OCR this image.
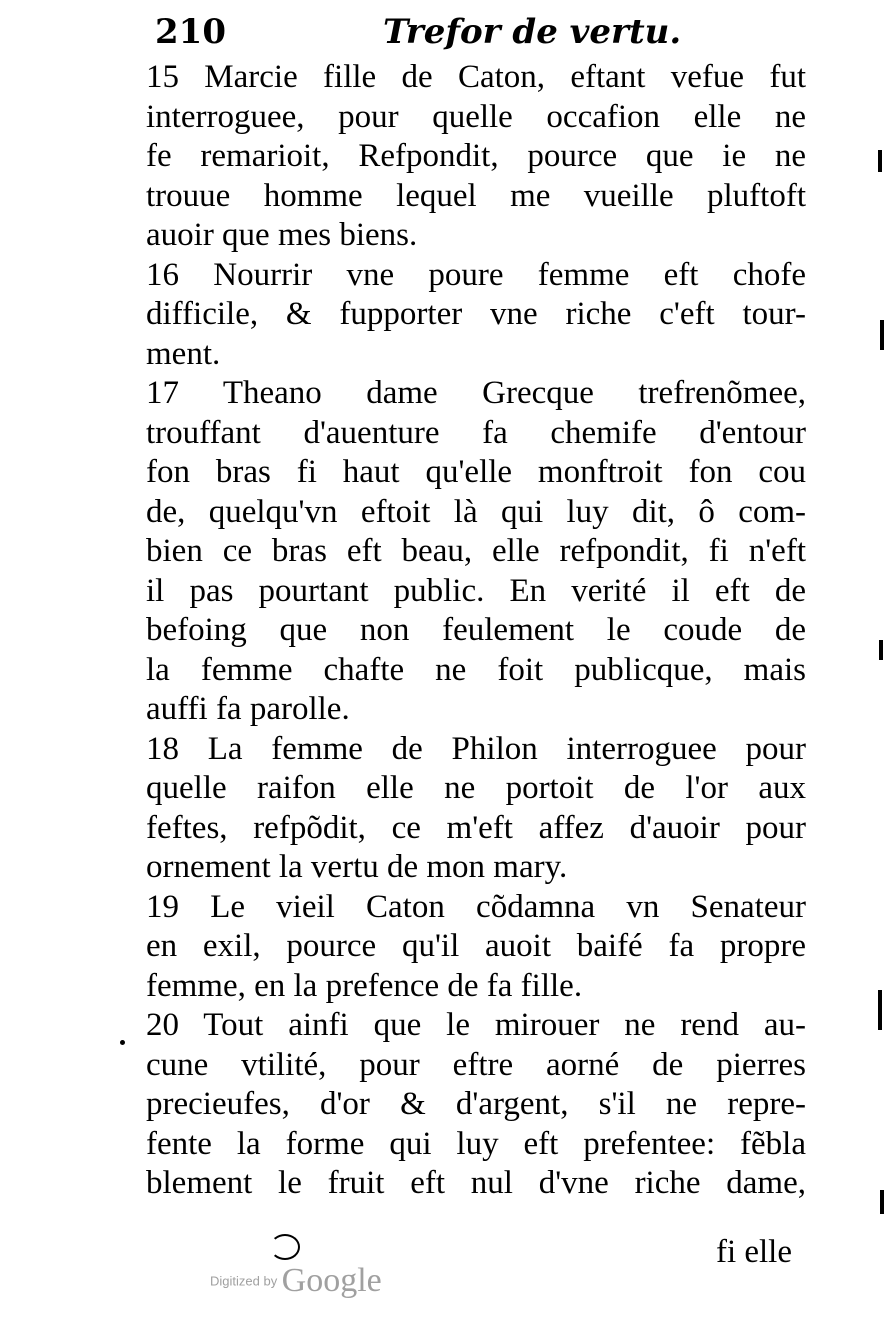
210	Trefor de vertu.
15 Marcie fille de Caton, eftant vefue fut
interroguee, pour quelle occafion elle ne
fe remarioit, Refpondit, pource que ie ne
trouue homme lequel me vueille pluftoft
auoir que mes biens.
16 Nourrir vne poure femme eft chofe
difficile, & fupporter vne riche c'eft tour-
ment.
17 Theano dame Grecque trefrenõmee,
trouffant d'auenture fa chemife d'entour
fon bras fi haut qu'elle monftroit fon cou
de, quelqu'vn eftoit là qui luy dit, ô com-
bien ce bras eft beau, elle refpondit, fi n'eft
il pas pourtant public. En verité il eft de
befoing que non feulement le coude de
la femme chafte ne foit publicque, mais
auffi fa parolle.
18 La femme de Philon interroguee pour
quelle raifon elle ne portoit de l'or aux
feftes, refpõdit, ce m'eft affez d'auoir pour
ornement la vertu de mon mary.
19 Le vieil Caton cõdamna vn Senateur
en exil, pource qu'il auoit baifé fa propre
femme, en la prefence de fa fille.
20 Tout ainfi que le mirouer ne rend au-
cune vtilité, pour eftre aorné de pierres
precieufes, d'or & d'argent, s'il ne repre-
fente la forme qui luy eft prefentee: fẽbla
blement le fruit eft nul d'vne riche dame,
fi elle
Digitized by Google
